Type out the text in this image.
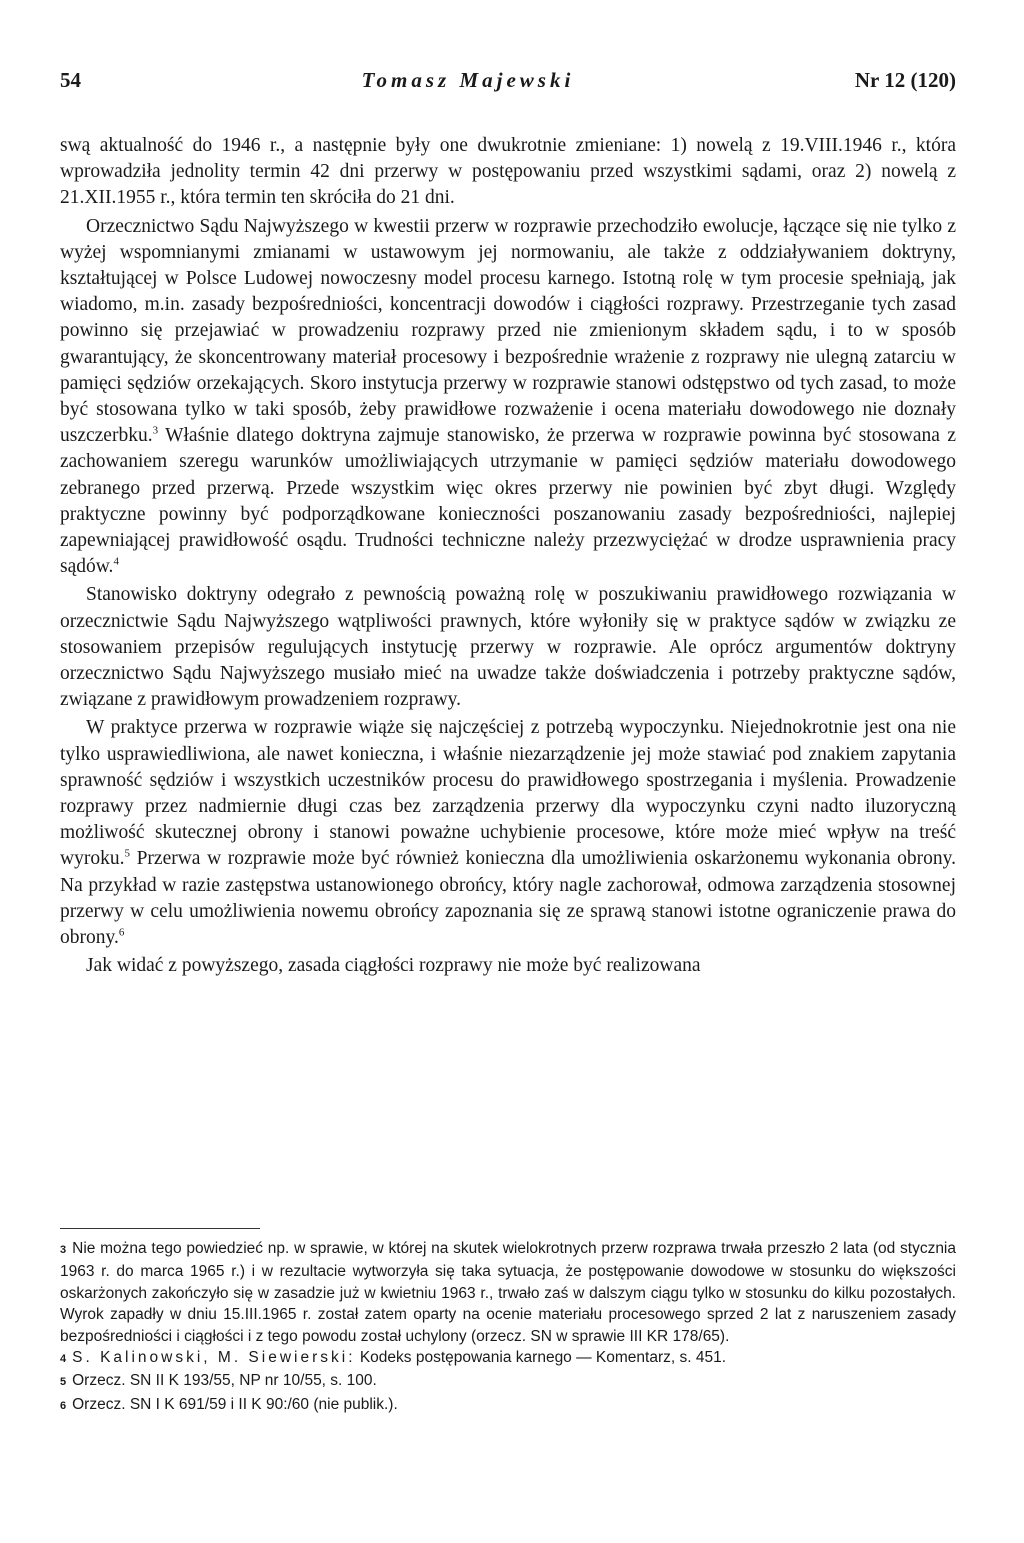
54	Tomasz Majewski	Nr 12 (120)

swą aktualność do 1946 r., a następnie były one dwukrotnie zmieniane: 1) nowelą z 19.VIII.1946 r., która wprowadziła jednolity termin 42 dni przerwy w postępowaniu przed wszystkimi sądami, oraz 2) nowelą z 21.XII.1955 r., która termin ten skróciła do 21 dni.

Orzecznictwo Sądu Najwyższego w kwestii przerw w rozprawie przechodziło ewolucje, łączące się nie tylko z wyżej wspomnianymi zmianami w ustawowym jej normowaniu, ale także z oddziaływaniem doktryny, kształtującej w Polsce Ludowej nowoczesny model procesu karnego. Istotną rolę w tym procesie spełniają, jak wiadomo, m.in. zasady bezpośredniości, koncentracji dowodów i ciągłości rozprawy. Przestrzeganie tych zasad powinno się przejawiać w prowadzeniu rozprawy przed nie zmienionym składem sądu, i to w sposób gwarantujący, że skoncentrowany materiał procesowy i bezpośrednie wrażenie z rozprawy nie ulegną zatarciu w pamięci sędziów orzekających. Skoro instytucja przerwy w rozprawie stanowi odstępstwo od tych zasad, to może być stosowana tylko w taki sposób, żeby prawidłowe rozważenie i ocena materiału dowodowego nie doznały uszczerbku.$^3$ Właśnie dlatego doktryna zajmuje stanowisko, że przerwa w rozprawie powinna być stosowana z zachowaniem szeregu warunków umożliwiających utrzymanie w pamięci sędziów materiału dowodowego zebranego przed przerwą. Przede wszystkim więc okres przerwy nie powinien być zbyt długi. Względy praktyczne powinny być podporządkowane konieczności poszanowaniu zasady bezpośredniości, najlepiej zapewniającej prawidłowość osądu. Trudności techniczne należy przezwyciężać w drodze usprawnienia pracy sądów.$^4$

Stanowisko doktryny odegrało z pewnością poważną rolę w poszukiwaniu prawidłowego rozwiązania w orzecznictwie Sądu Najwyższego wątpliwości prawnych, które wyłoniły się w praktyce sądów w związku ze stosowaniem przepisów regulujących instytucję przerwy w rozprawie. Ale oprócz argumentów doktryny orzecznictwo Sądu Najwyższego musiało mieć na uwadze także doświadczenia i potrzeby praktyczne sądów, związane z prawidłowym prowadzeniem rozprawy.

W praktyce przerwa w rozprawie wiąże się najczęściej z potrzebą wypoczynku. Niejednokrotnie jest ona nie tylko usprawiedliwiona, ale nawet konieczna, i właśnie niezarządzenie jej może stawiać pod znakiem zapytania sprawność sędziów i wszystkich uczestników procesu do prawidłowego spostrzegania i myślenia. Prowadzenie rozprawy przez nadmiernie długi czas bez zarządzenia przerwy dla wypoczynku czyni nadto iluzoryczną możliwość skutecznej obrony i stanowi poważne uchybienie procesowe, które może mieć wpływ na treść wyroku.$^5$ Przerwa w rozprawie może być również konieczna dla umożliwienia oskarżonemu wykonania obrony. Na przykład w razie zastępstwa ustanowionego obrońcy, który nagle zachorował, odmowa zarządzenia stosownej przerwy w celu umożliwienia nowemu obrońcy zapoznania się ze sprawą stanowi istotne ograniczenie prawa do obrony.$^6$

Jak widać z powyższego, zasada ciągłości rozprawy nie może być realizowana

3 Nie można tego powiedzieć np. w sprawie, w której na skutek wielokrotnych przerw rozprawa trwała przeszło 2 lata (od stycznia 1963 r. do marca 1965 r.) i w rezultacie wytworzyła się taka sytuacja, że postępowanie dowodowe w stosunku do większości oskarżonych zakończyło się w zasadzie już w kwietniu 1963 r., trwało zaś w dalszym ciągu tylko w stosunku do kilku pozostałych. Wyrok zapadły w dniu 15.III.1965 r. został zatem oparty na ocenie materiału procesowego sprzed 2 lat z naruszeniem zasady bezpośredniości i ciągłości i z tego powodu został uchylony (orzecz. SN w sprawie III KR 178/65).

4 S. Kalinowski, M. Siewierski: Kodeks postępowania karnego — Komentarz, s. 451.

5 Orzecz. SN II K 193/55, NP nr 10/55, s. 100.

6 Orzecz. SN I K 691/59 i II K 90:/60 (nie publik.).
